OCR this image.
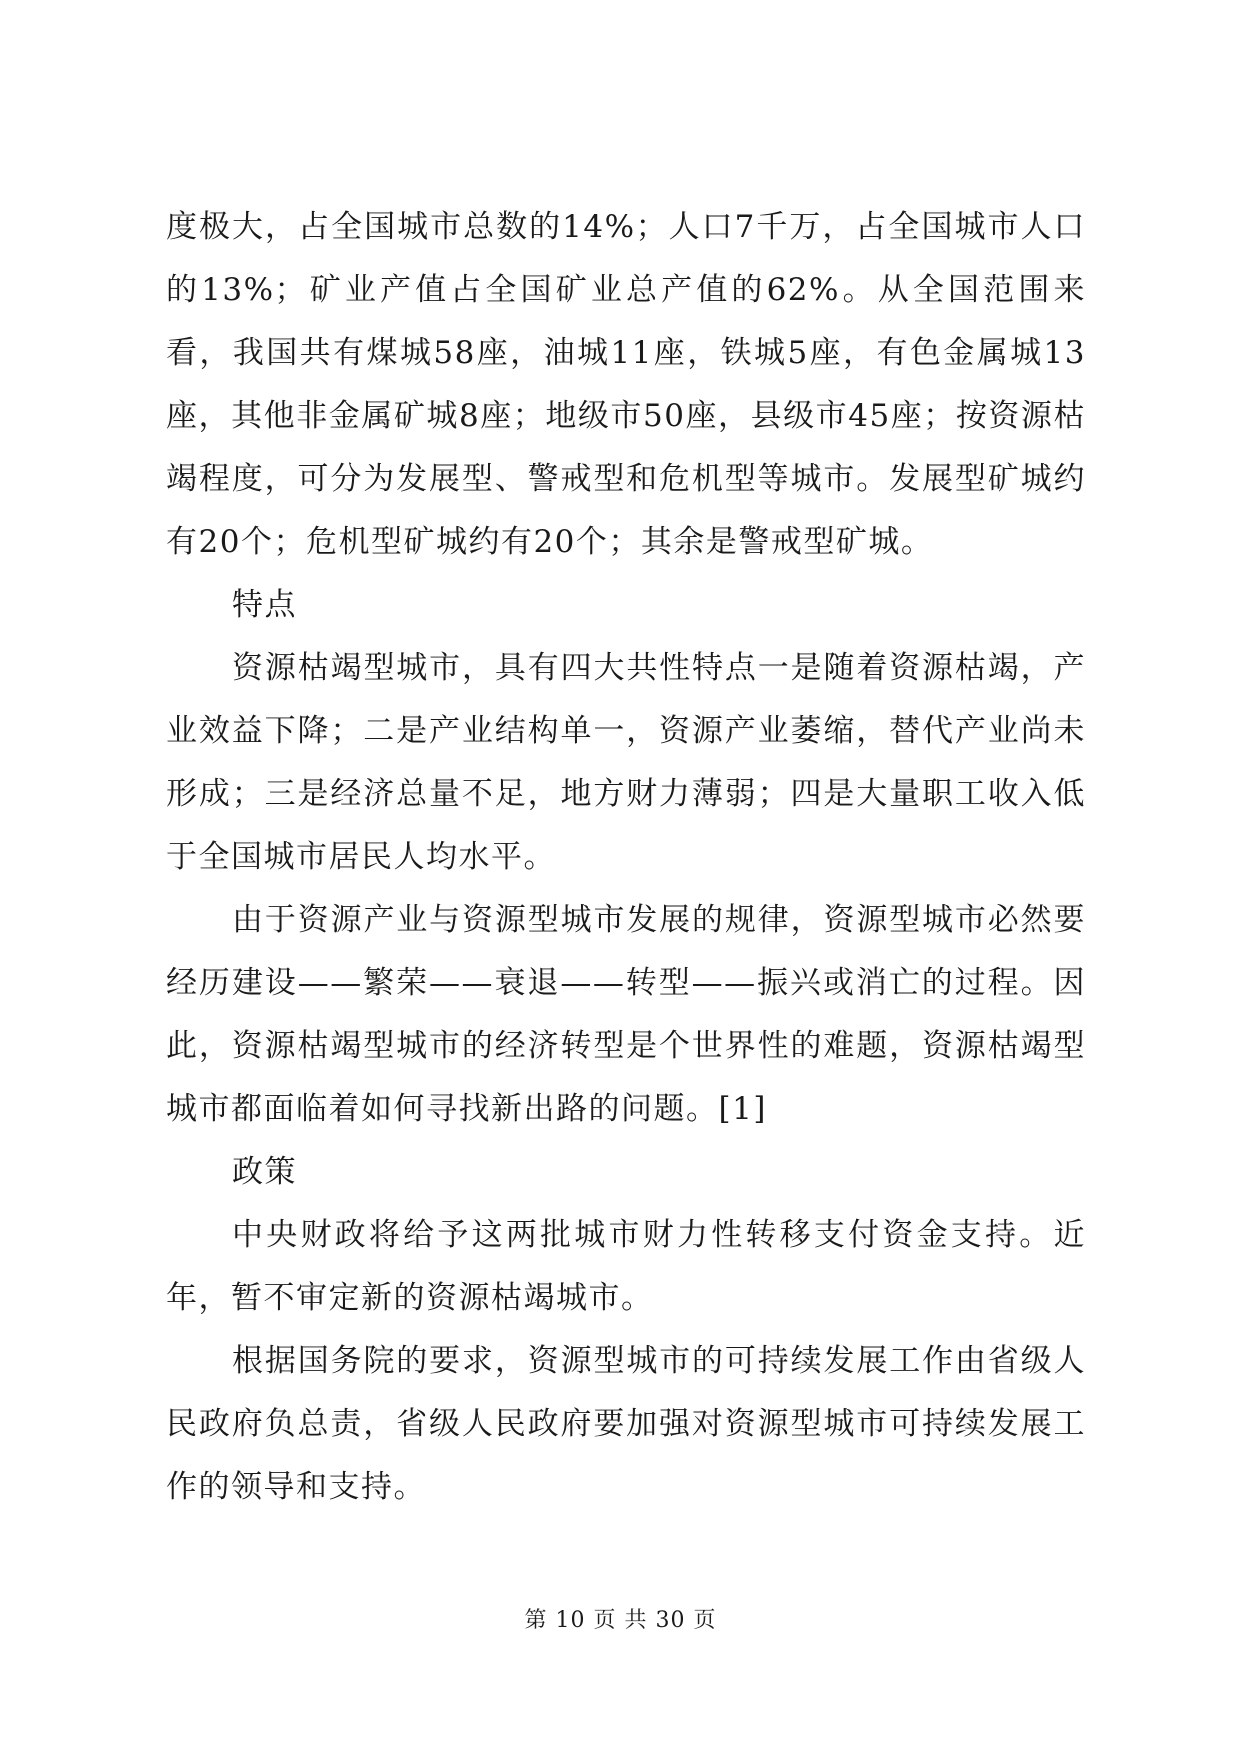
度极大，占全国城市总数的14%；人口7千万，占全国城市人口的13%；矿业产值占全国矿业总产值的62%。从全国范围来看，我国共有煤城58座，油城11座，铁城5座，有色金属城13座，其他非金属矿城8座；地级市50座，县级市45座；按资源枯竭程度，可分为发展型、警戒型和危机型等城市。发展型矿城约有20个；危机型矿城约有20个；其余是警戒型矿城。

特点

资源枯竭型城市，具有四大共性特点一是随着资源枯竭，产业效益下降；二是产业结构单一，资源产业萎缩，替代产业尚未形成；三是经济总量不足，地方财力薄弱；四是大量职工收入低于全国城市居民人均水平。

由于资源产业与资源型城市发展的规律，资源型城市必然要经历建设——繁荣——衰退——转型——振兴或消亡的过程。因此，资源枯竭型城市的经济转型是个世界性的难题，资源枯竭型城市都面临着如何寻找新出路的问题。[1]

政策

中央财政将给予这两批城市财力性转移支付资金支持。近年，暂不审定新的资源枯竭城市。

根据国务院的要求，资源型城市的可持续发展工作由省级人民政府负总责，省级人民政府要加强对资源型城市可持续发展工作的领导和支持。

第 10 页 共 30 页
